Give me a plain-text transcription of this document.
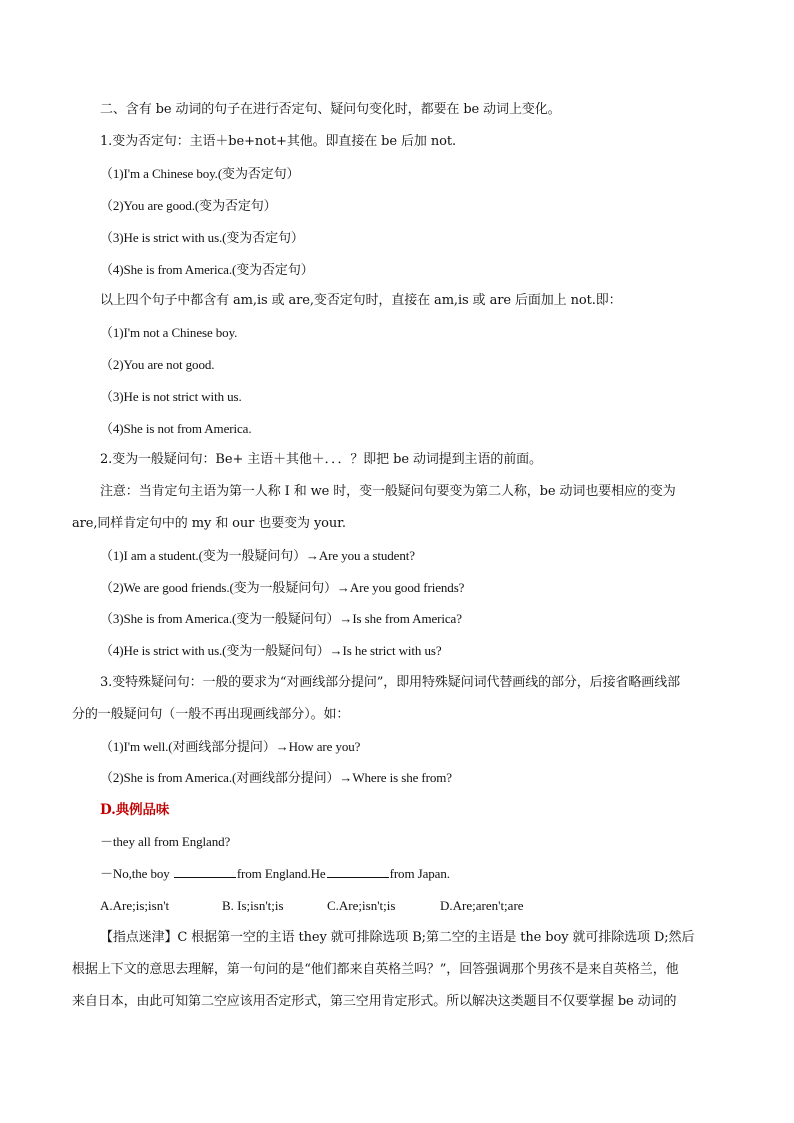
二、含有 be 动词的句子在进行否定句、疑问句变化时，都要在 be 动词上变化。
1.变为否定句：主语＋be+not+其他。即直接在 be 后加 not.
（1)I'm a Chinese boy.(变为否定句）
（2)You are good.(变为否定句）
（3)He is strict with us.(变为否定句）
（4)She is from America.(变为否定句）
以上四个句子中都含有 am,is 或 are,变否定句时，直接在 am,is 或 are 后面加上 not.即：
（1)I'm not a Chinese boy.
（2)You are not good.
（3)He is not strict with us.
（4)She is not from America.
2.变为一般疑问句：Be+ 主语＋其他＋．．．？即把 be 动词提到主语的前面。
注意：当肯定句主语为第一人称 I 和 we 时，变一般疑问句要变为第二人称，be 动词也要相应的变为
are,同样肯定句中的 my 和 our 也要变为 your.
（1)I am a student.(变为一般疑问句）→Are you a student?
（2)We are good friends.(变为一般疑问句）→Are you good friends?
（3)She is from America.(变为一般疑问句）→Is she from America?
（4)He is strict with us.(变为一般疑问句）→Is he strict with us?
3.变特殊疑问句：一般的要求为“对画线部分提问”，即用特殊疑问词代替画线的部分，后接省略画线部
分的一般疑问句（一般不再出现画线部分）。如：
（1)I'm well.(对画线部分提问）→How are you?
（2)She is from America.(对画线部分提问）→Where is she from?
D.典例品味
－they all from England?
－No,the boy	from England.He	from Japan.
A.Are;is;isn't	B. Is;isn't;is	C.Are;isn't;is	D.Are;aren't;are
【指点迷津】C 根据第一空的主语 they 就可排除选项 B;第二空的主语是 the boy 就可排除选项 D;然后
根据上下文的意思去理解，第一句问的是“他们都来自英格兰吗？”，回答强调那个男孩不是来自英格兰，他
来自日本，由此可知第二空应该用否定形式，第三空用肯定形式。所以解决这类题目不仅要掌握 be 动词的
